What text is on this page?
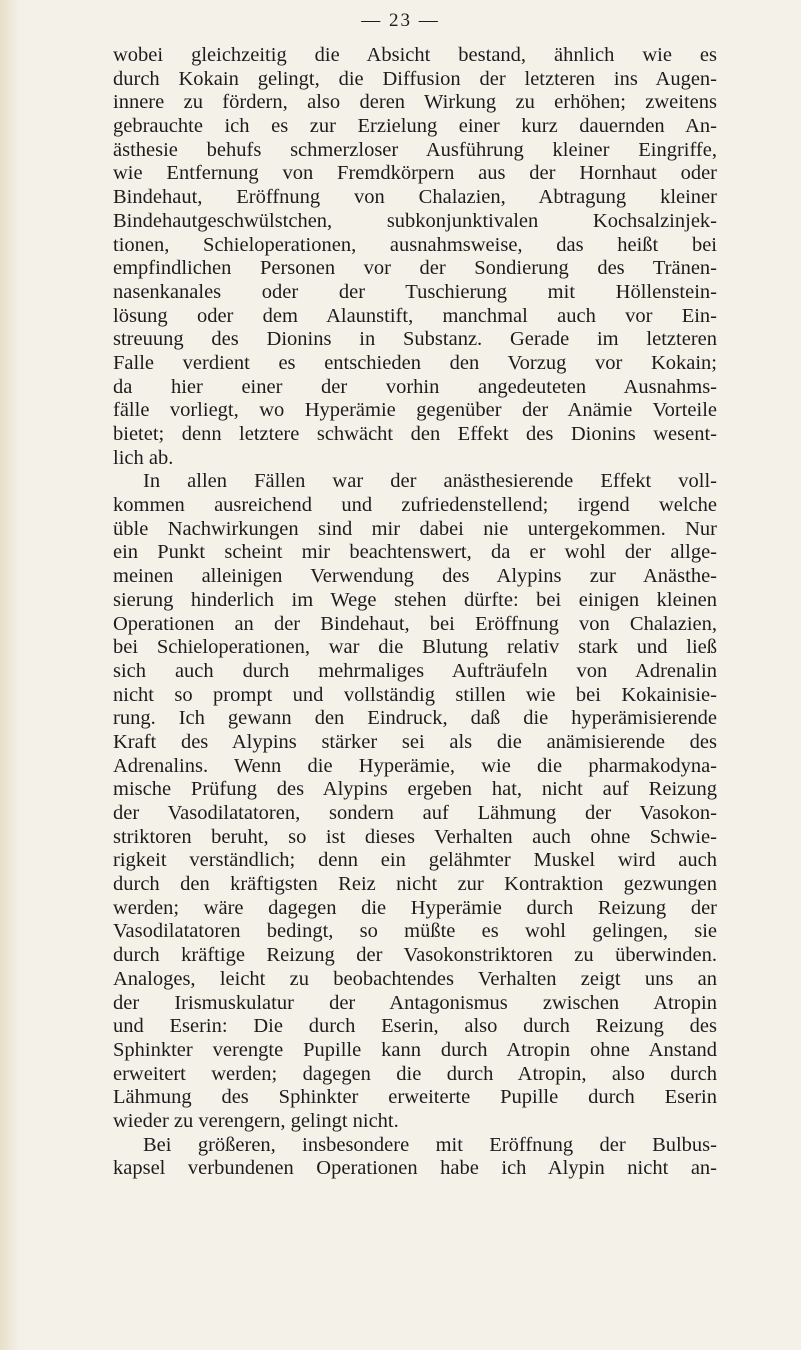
— 23 —
wobei gleichzeitig die Absicht bestand, ähnlich wie es
durch Kokain gelingt, die Diffusion der letzteren ins Augen-
innere zu fördern, also deren Wirkung zu erhöhen; zweitens
gebrauchte ich es zur Erzielung einer kurz dauernden An-
ästhesie behufs schmerzloser Ausführung kleiner Eingriffe,
wie Entfernung von Fremdkörpern aus der Hornhaut oder
Bindehaut, Eröffnung von Chalazien, Abtragung kleiner
Bindehautgeschwülstchen, subkonjunktivalen Kochsalzinjek-
tionen, Schieloperationen, ausnahmsweise, das heißt bei
empfindlichen Personen vor der Sondierung des Tränen-
nasenkanales oder der Tuschierung mit Höllenstein-
lösung oder dem Alaunstift, manchmal auch vor Ein-
streuung des Dionins in Substanz. Gerade im letzteren
Falle verdient es entschieden den Vorzug vor Kokain;
da hier einer der vorhin angedeuteten Ausnahms-
fälle vorliegt, wo Hyperämie gegenüber der Anämie Vorteile
bietet; denn letztere schwächt den Effekt des Dionins wesent-
lich ab.
In allen Fällen war der anästhesierende Effekt voll-
kommen ausreichend und zufriedenstellend; irgend welche
üble Nachwirkungen sind mir dabei nie untergekommen. Nur
ein Punkt scheint mir beachtenswert, da er wohl der allge-
meinen alleinigen Verwendung des Alypins zur Anästhe-
sierung hinderlich im Wege stehen dürfte: bei einigen kleinen
Operationen an der Bindehaut, bei Eröffnung von Chalazien,
bei Schieloperationen, war die Blutung relativ stark und ließ
sich auch durch mehrmaliges Aufträufeln von Adrenalin
nicht so prompt und vollständig stillen wie bei Kokainisie-
rung. Ich gewann den Eindruck, daß die hyperämisierende
Kraft des Alypins stärker sei als die anämisierende des
Adrenalins. Wenn die Hyperämie, wie die pharmakodyna-
mische Prüfung des Alypins ergeben hat, nicht auf Reizung
der Vasodilatatoren, sondern auf Lähmung der Vasokon-
striktoren beruht, so ist dieses Verhalten auch ohne Schwie-
rigkeit verständlich; denn ein gelähmter Muskel wird auch
durch den kräftigsten Reiz nicht zur Kontraktion gezwungen
werden; wäre dagegen die Hyperämie durch Reizung der
Vasodilatatoren bedingt, so müßte es wohl gelingen, sie
durch kräftige Reizung der Vasokonstriktoren zu überwinden.
Analoges, leicht zu beobachtendes Verhalten zeigt uns an
der Irismuskulatur der Antagonismus zwischen Atropin
und Eserin: Die durch Eserin, also durch Reizung des
Sphinkter verengte Pupille kann durch Atropin ohne Anstand
erweitert werden; dagegen die durch Atropin, also durch
Lähmung des Sphinkter erweiterte Pupille durch Eserin
wieder zu verengern, gelingt nicht.
Bei größeren, insbesondere mit Eröffnung der Bulbus-
kapsel verbundenen Operationen habe ich Alypin nicht an-
